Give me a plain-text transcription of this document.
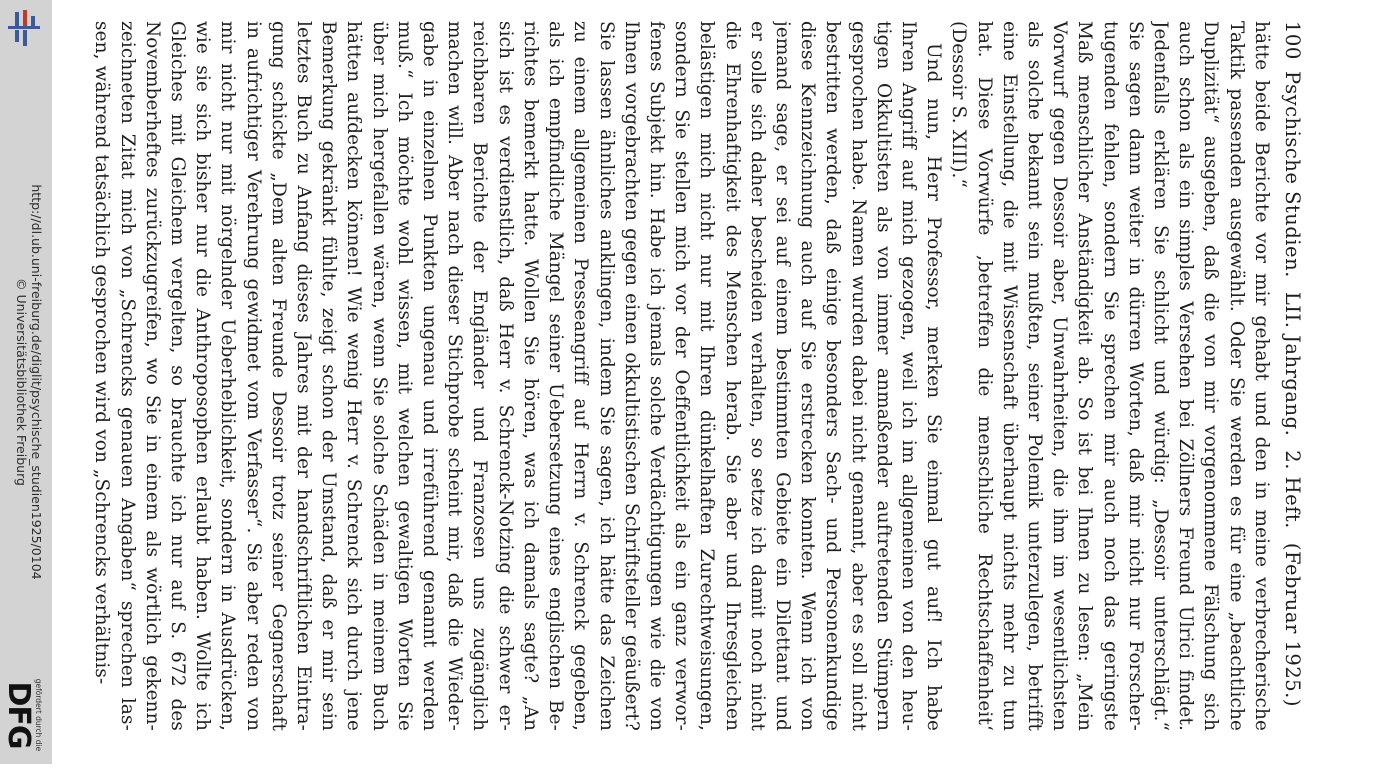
http://dl.ub.uni-freiburg.de/diglit/psychische_studien1925/0104
© Universitätsbibliothek Freiburg
gefördert durch die
DFG
100
Psychische Studien.
LII. Jahrgang.
2. Heft.
(Februar 1925.)

hätte beide Berichte vor mir gehabt und den in meine verbrecherische
Taktik passenden ausgewählt. Oder Sie werden es für eine „beachtliche
Duplizität“ ausgeben, daß die von mir vorgenommene Fälschung sich
auch schon als ein simples Versehen bei Zöllners Freund Ulrici findet.
Jedenfalls erklären Sie schlicht und würdig: „Dessoir unterschlägt.“
Sie sagen dann weiter in dürren Worten, daß mir nicht nur Forscher-
tugenden fehlen, sondern Sie sprechen mir auch noch das geringste
Maß menschlicher Anständigkeit ab. So ist bei Ihnen zu lesen: „Mein
Vorwurf gegen Dessoir aber, Unwahrheiten, die ihm im wesentlichsten
als solche bekannt sein mußten, seiner Polemik unterzulegen, betrifft
eine Einstellung, die mit Wissenschaft überhaupt nichts mehr zu tun
hat. Diese Vorwürfe ‚betreffen die menschliche Rechtschaffenheit‘
(Dessoir S. XIII).“

Und nun, Herr Professor, merken Sie einmal gut auf! Ich habe
Ihren Angriff auf mich gezogen, weil ich im allgemeinen von den heu-
tigen Okkultisten als von immer anmaßender auftretenden Stümpern
gesprochen habe. Namen wurden dabei nicht genannt, aber es soll nicht
bestritten werden, daß einige besonders Sach- und Personenkundige
diese Kennzeichnung auch auf Sie erstrecken konnten. Wenn ich von
jemand sage, er sei auf einem bestimmten Gebiete ein Dilettant und
er solle sich daher bescheiden verhalten, so setze ich damit noch nicht
die Ehrenhaftigkeit des Menschen herab. Sie aber und Ihresgleichen
belästigen mich nicht nur mit Ihren dünkelhaften Zurechtweisungen,
sondern Sie stellen mich vor der Oeffentlichkeit als ein ganz verwor-
fenes Subjekt hin. Habe ich jemals solche Verdächtigungen wie die von
Ihnen vorgebrachten gegen einen okkultistischen Schriftsteller geäußert?
Sie lassen ähnliches anklingen, indem Sie sagen, ich hätte das Zeichen
zu einem allgemeinen Presseangriff auf Herrn v. Schrenck gegeben,
als ich empfindliche Mängel seiner Uebersetzung eines englischen Be-
richtes bemerkt hatte. Wollen Sie hören, was ich damals sagte? „An
sich ist es verdienstlich, daß Herr v. Schrenck-Notzing die schwer er-
reichbaren Berichte der Engländer und Franzosen uns zugänglich
machen will. Aber nach dieser Stichprobe scheint mir, daß die Wieder-
gabe in einzelnen Punkten ungenau und irreführend genannt werden
muß.“ Ich möchte wohl wissen, mit welchen gewaltigen Worten Sie
über mich hergefallen wären, wenn Sie solche Schäden in meinem Buch
hätten aufdecken können! Wie wenig Herr v. Schrenck sich durch jene
Bemerkung gekränkt fühlte, zeigt schon der Umstand, daß er mir sein
letztes Buch zu Anfang dieses Jahres mit der handschriftlichen Eintra-
gung schickte „Dem alten Freunde Dessoir trotz seiner Gegnerschaft
in aufrichtiger Verehrung gewidmet vom Verfasser“. Sie aber reden von
mir nicht nur mit nörgelnder Ueberheblichkeit, sondern in Ausdrücken,
wie sie sich bisher nur die Anthroposophen erlaubt haben. Wollte ich
Gleiches mit Gleichem vergelten, so brauchte ich nur auf S. 672 des
Novemberheftes zurückzugreifen, wo Sie in einem als wörtlich gekenn-
zeichneten Zitat mich von „Schrencks genauen Angaben“ sprechen las-
sen, während tatsächlich gesprochen wird von „Schrencks verhältnis-
